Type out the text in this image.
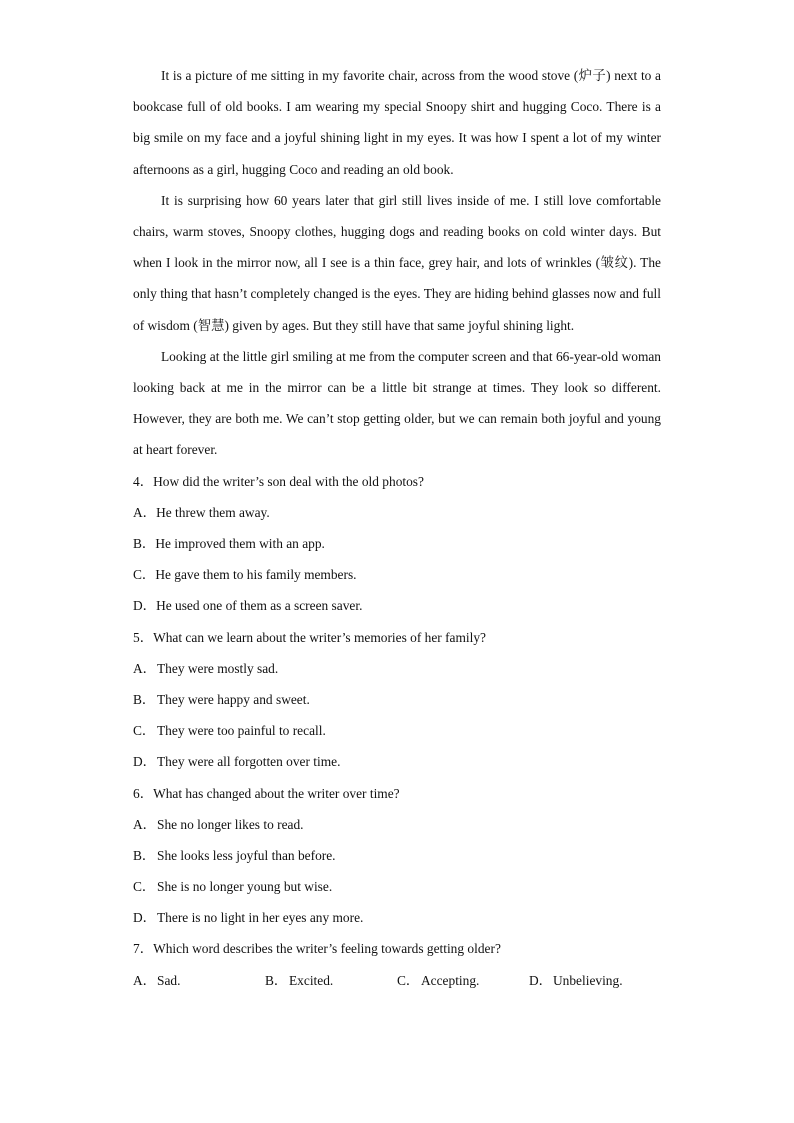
It is a picture of me sitting in my favorite chair, across from the wood stove (炉子) next to a bookcase full of old books. I am wearing my special Snoopy shirt and hugging Coco. There is a big smile on my face and a joyful shining light in my eyes. It was how I spent a lot of my winter afternoons as a girl, hugging Coco and reading an old book.

It is surprising how 60 years later that girl still lives inside of me. I still love comfortable chairs, warm stoves, Snoopy clothes, hugging dogs and reading books on cold winter days. But when I look in the mirror now, all I see is a thin face, grey hair, and lots of wrinkles (皱纹). The only thing that hasn’t completely changed is the eyes. They are hiding behind glasses now and full of wisdom (智慧) given by ages. But they still have that same joyful shining light.

Looking at the little girl smiling at me from the computer screen and that 66-year-old woman looking back at me in the mirror can be a little bit strange at times. They look so different. However, they are both me. We can’t stop getting older, but we can remain both joyful and young at heart forever.

4．How did the writer’s son deal with the old photos?
A．He threw them away.
B．He improved them with an app.
C．He gave them to his family members.
D．He used one of them as a screen saver.
5．What can we learn about the writer’s memories of her family?
A．They were mostly sad.
B． They were happy and sweet.
C． They were too painful to recall.
D．They were all forgotten over time.
6．What has changed about the writer over time?
A．She no longer likes to read.
B． She looks less joyful than before.
C． She is no longer young but wise.
D．There is no light in her eyes any more.
7．Which word describes the writer’s feeling towards getting older?
A．Sad.	B． Excited.	C． Accepting.	D．Unbelieving.
